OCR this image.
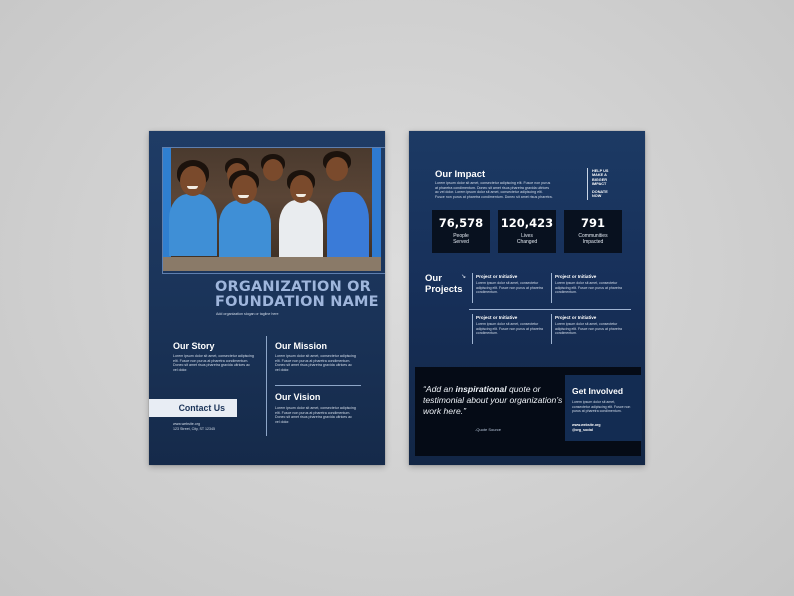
ORGANIZATION OR
FOUNDATION NAME
Add organization slogan or tagline here
Our Story
Lorem ipsum dolor sit amet, consectetur adipiscing elit. Fusce non purus at pharetra condimentum. Donec sit amet risus pharetra gravida ultrices ac vel dolor.
Our Mission
Lorem ipsum dolor sit amet, consectetur adipiscing elit. Fusce non purus at pharetra condimentum. Donec sit amet risus pharetra gravida ultrices ac vel dolor.
Our Vision
Lorem ipsum dolor sit amet, consectetur adipiscing elit. Fusce non purus at pharetra condimentum. Donec sit amet risus pharetra gravida ultrices ac vel dolor.
Contact Us
www.website.org
123 Street, City, ST 12345
Our Impact
Lorem ipsum dolor sit amet, consectetur adipiscing elit. Fusce non purus at pharetra condimentum. Donec sit amet risus pharetra gravida ultrices ac vel dolor. Lorem ipsum dolor sit amet, consectetur adipiscing elit. Fusce non purus at pharetra condimentum. Donec sit amet risus pharetra.
HELP US
MAKE A
BIGGER
IMPACT
DONATE
NOW
76,578
People
Served
120,423
Lives
Changed
791
Communities
Impacted
Our
Projects
↘ Project or Initiative
Lorem ipsum dolor sit amet, consectetur adipiscing elit. Fusce non purus at pharetra condimentum.
Project or Initiative
Lorem ipsum dolor sit amet, consectetur adipiscing elit. Fusce non purus at pharetra condimentum.
Project or Initiative
Lorem ipsum dolor sit amet, consectetur adipiscing elit. Fusce non purus at pharetra condimentum.
Project or Initiative
Lorem ipsum dolor sit amet, consectetur adipiscing elit. Fusce non purus at pharetra condimentum.
“Add an inspirational quote or testimonial about your organization’s work here.”
-Quote Source
Get Involved
Lorem ipsum dolor sit amet, consectetur adipiscing elit. Fusce non purus at pharetra condimentum.
www.website.org
@org_social
